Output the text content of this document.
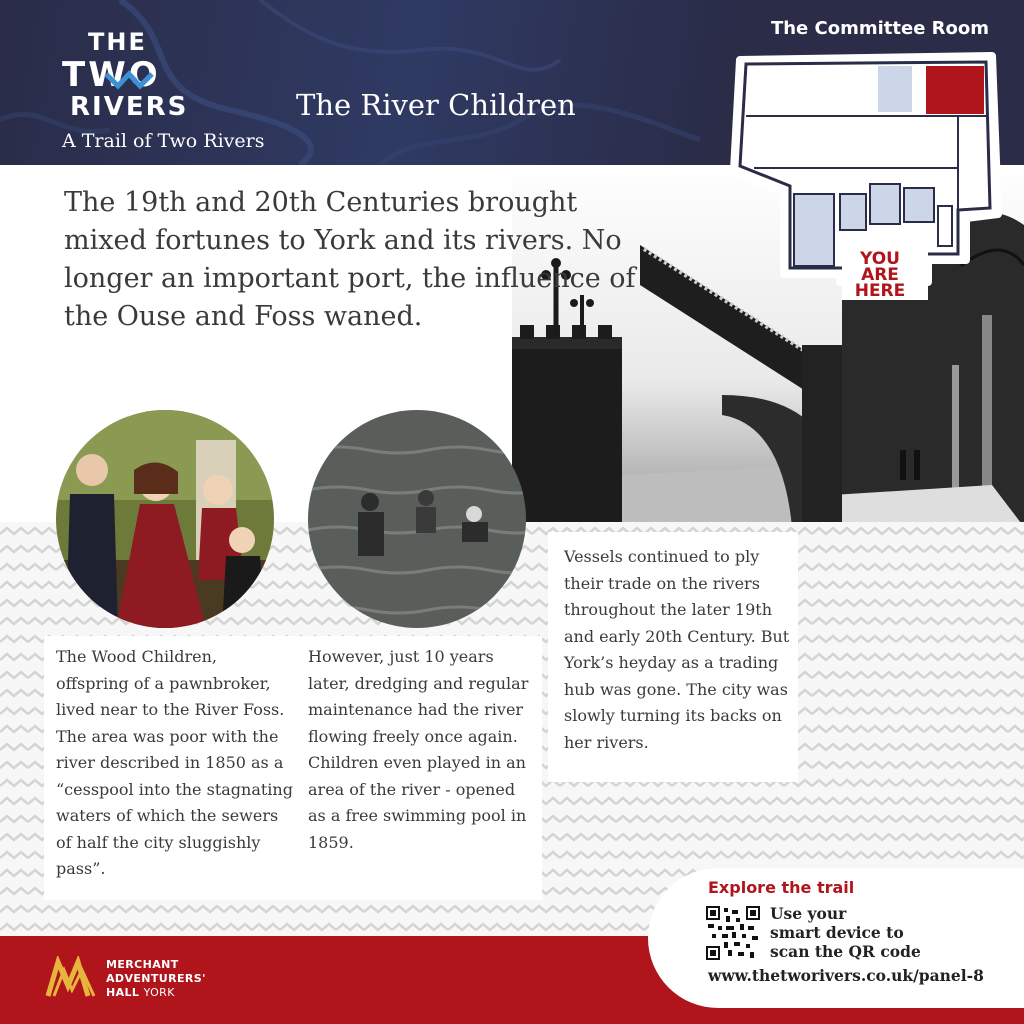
THE
TWO
RIVERS
A Trail of Two Rivers
The River Children
The Committee Room
YOU ARE HERE
The 19th and 20th Centuries brought mixed fortunes to York and its rivers. No longer an important port, the influence of the Ouse and Foss waned.
The Wood Children, offspring of a pawnbroker, lived near to the River Foss. The area was poor with the river described in 1850 as a “cesspool into the stagnating waters of which the sewers of half the city sluggishly pass”.
However, just 10 years later, dredging and regular maintenance had the river flowing freely once again. Children even played in an area of the river - opened as a free swimming pool in 1859.
Vessels continued to ply their trade on the rivers throughout the later 19th and early 20th Century. But York’s heyday as a trading hub was gone. The city was slowly turning its backs on her rivers.
MERCHANT
ADVENTURERS'
HALL YORK
Explore the trail
Use your
smart device to
scan the QR code
www.thetworivers.co.uk/panel-8
